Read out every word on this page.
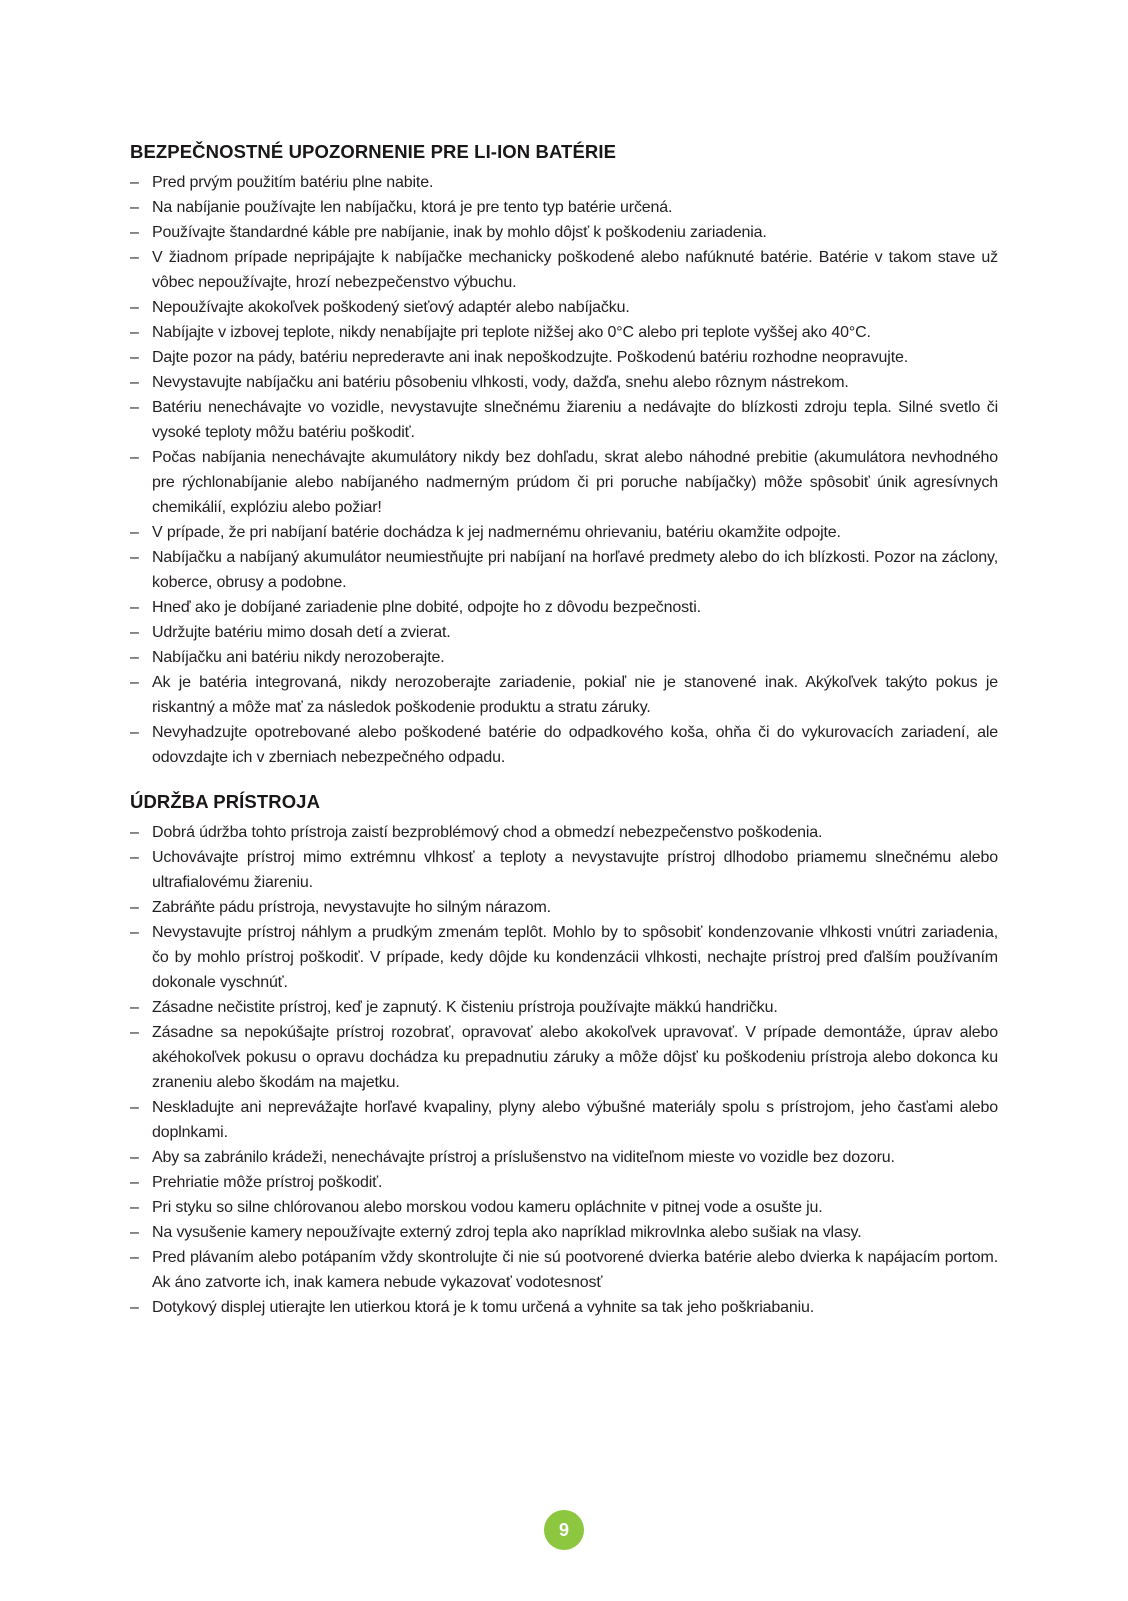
BEZPEČNOSTNÉ UPOZORNENIE PRE LI-ION BATÉRIE
– Pred prvým použitím batériu plne nabite.
– Na nabíjanie používajte len nabíjačku, ktorá je pre tento typ batérie určená.
– Používajte štandardné káble pre nabíjanie, inak by mohlo dôjsť k poškodeniu zariadenia.
– V žiadnom prípade nepripájajte k nabíjačke mechanicky poškodené alebo nafúknuté batérie. Batérie v takom stave už vôbec nepoužívajte, hrozí nebezpečenstvo výbuchu.
– Nepoužívajte akokoľvek poškodený sieťový adaptér alebo nabíjačku.
– Nabíjajte v izbovej teplote, nikdy nenabíjajte pri teplote nižšej ako 0°C alebo pri teplote vyššej ako 40°C.
– Dajte pozor na pády, batériu neprederavte ani inak nepoškodzujte. Poškodenú batériu rozhodne neopravujte.
– Nevystavujte nabíjačku ani batériu pôsobeniu vlhkosti, vody, dažďa, snehu alebo rôznym nástrekom.
– Batériu nenechávajte vo vozidle, nevystavujte slnečnému žiareniu a nedávajte do blízkosti zdroju tepla. Silné svetlo či vysoké teploty môžu batériu poškodiť.
– Počas nabíjania nenechávajte akumulátory nikdy bez dohľadu, skrat alebo náhodné prebitie (akumulátora nevhodného pre rýchlonabíjanie alebo nabíjaného nadmerným prúdom či pri poruche nabíjačky) môže spôsobiť únik agresívnych chemikálií, explóziu alebo požiar!
– V prípade, že pri nabíjaní batérie dochádza k jej nadmernému ohrievaniu, batériu okamžite odpojte.
– Nabíjačku a nabíjaný akumulátor neumiestňujte pri nabíjaní na horľavé predmety alebo do ich blízkosti. Pozor na záclony, koberce, obrusy a podobne.
– Hneď ako je dobíjané zariadenie plne dobité, odpojte ho z dôvodu bezpečnosti.
– Udržujte batériu mimo dosah detí a zvierat.
– Nabíjačku ani batériu nikdy nerozoberajte.
– Ak je batéria integrovaná, nikdy nerozoberajte zariadenie, pokiaľ nie je stanovené inak. Akýkoľvek takýto pokus je riskantný a môže mať za následok poškodenie produktu a stratu záruky.
– Nevyhadzujte opotrebované alebo poškodené batérie do odpadkového koša, ohňa či do vykurovacích zariadení, ale odovzdajte ich v zberniach nebezpečného odpadu.
ÚDRŽBA PRÍSTROJA
– Dobrá údržba tohto prístroja zaistí bezproblémový chod a obmedzí nebezpečenstvo poškodenia.
– Uchovávajte prístroj mimo extrémnu vlhkosť a teploty a nevystavujte prístroj dlhodobo priamemu slnečnému alebo ultrafialovému žiareniu.
– Zabráňte pádu prístroja, nevystavujte ho silným nárazom.
– Nevystavujte prístroj náhlym a prudkým zmenám teplôt. Mohlo by to spôsobiť kondenzovanie vlhkosti vnútri zariadenia, čo by mohlo prístroj poškodiť. V prípade, kedy dôjde ku kondenzácii vlhkosti, nechajte prístroj pred ďalším používaním dokonale vyschnúť.
– Zásadne nečistite prístroj, keď je zapnutý. K čisteniu prístroja používajte mäkkú handričku.
– Zásadne sa nepokúšajte prístroj rozobrať, opravovať alebo akokoľvek upravovať. V prípade demontáže, úprav alebo akéhokoľvek pokusu o opravu dochádza ku prepadnutiu záruky a môže dôjsť ku poškodeniu prístroja alebo dokonca ku zraneniu alebo škodám na majetku.
– Neskladujte ani neprevážajte horľavé kvapaliny, plyny alebo výbušné materiály spolu s prístrojom, jeho časťami alebo doplnkami.
– Aby sa zabránilo krádeži, nenechávajte prístroj a príslušenstvo na viditeľnom mieste vo vozidle bez dozoru.
– Prehriatie môže prístroj poškodiť.
– Pri styku so silne chlórovanou alebo morskou vodou kameru opláchnite v pitnej vode a osušte ju.
– Na vysušenie kamery nepoužívajte externý zdroj tepla ako napríklad mikrovlnka alebo sušiak na vlasy.
– Pred plávaním alebo potápaním vždy skontrolujte či nie sú pootvorené dvierka batérie alebo dvierka k napájacím portom. Ak áno zatvorte ich, inak kamera nebude vykazovať vodotesnosť
– Dotykový displej utierajte len utierkou ktorá je k tomu určená a vyhnite sa tak jeho poškriabaniu.
9
